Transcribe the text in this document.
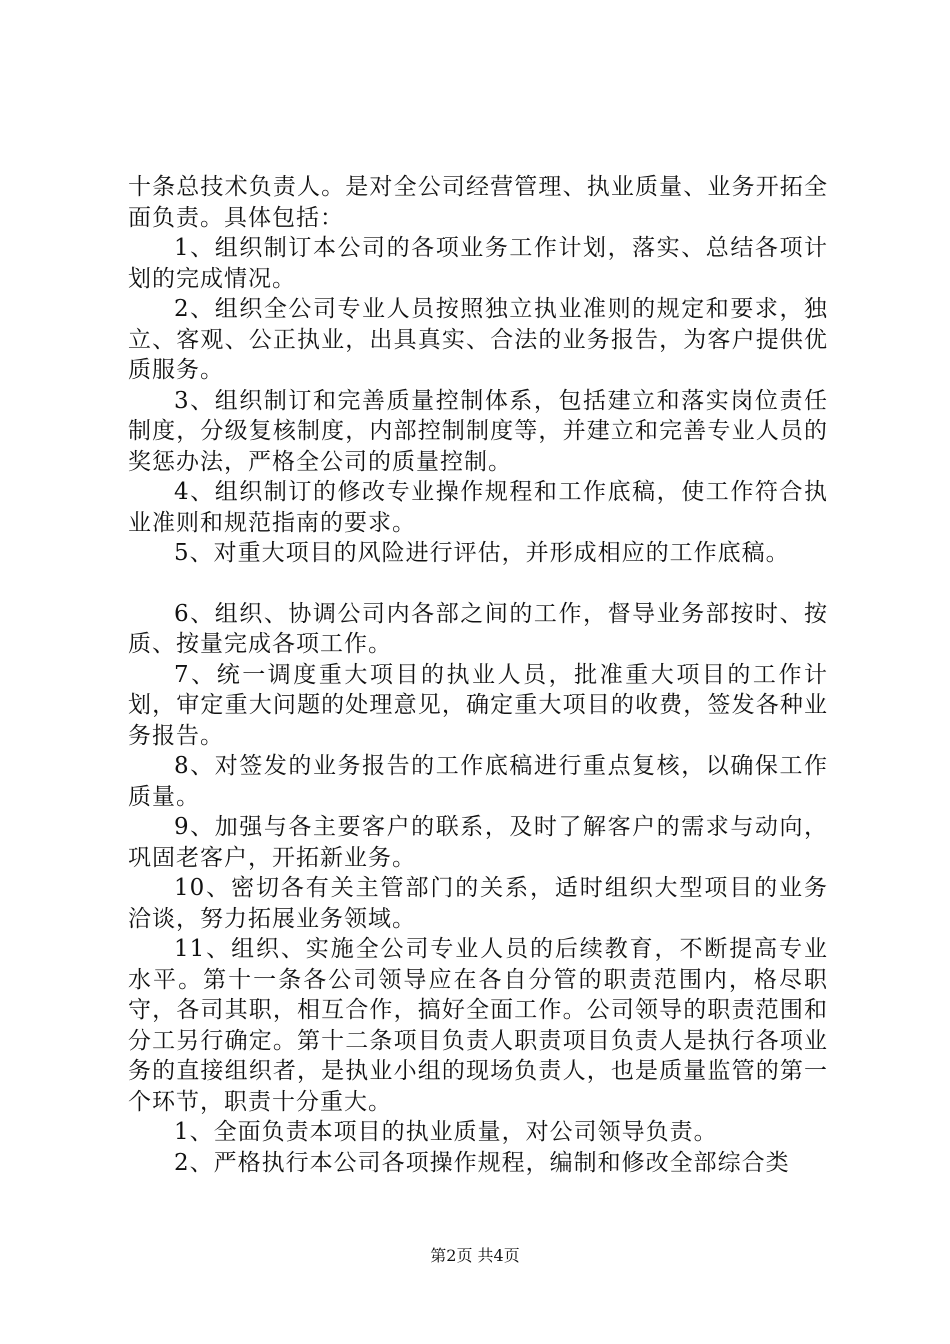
十条总技术负责人。是对全公司经营管理、执业质量、业务开拓全面负责。具体包括：

1、组织制订本公司的各项业务工作计划，落实、总结各项计划的完成情况。

2、组织全公司专业人员按照独立执业准则的规定和要求，独立、客观、公正执业，出具真实、合法的业务报告，为客户提供优质服务。

3、组织制订和完善质量控制体系，包括建立和落实岗位责任制度，分级复核制度，内部控制制度等，并建立和完善专业人员的奖惩办法，严格全公司的质量控制。

4、组织制订的修改专业操作规程和工作底稿，使工作符合执业准则和规范指南的要求。

5、对重大项目的风险进行评估，并形成相应的工作底稿。

6、组织、协调公司内各部之间的工作，督导业务部按时、按质、按量完成各项工作。

7、统一调度重大项目的执业人员，批准重大项目的工作计划，审定重大问题的处理意见，确定重大项目的收费，签发各种业务报告。

8、对签发的业务报告的工作底稿进行重点复核，以确保工作质量。

9、加强与各主要客户的联系，及时了解客户的需求与动向，巩固老客户，开拓新业务。

10、密切各有关主管部门的关系，适时组织大型项目的业务洽谈，努力拓展业务领域。

11、组织、实施全公司专业人员的后续教育，不断提高专业水平。第十一条各公司领导应在各自分管的职责范围内，格尽职守，各司其职，相互合作，搞好全面工作。公司领导的职责范围和分工另行确定。第十二条项目负责人职责项目负责人是执行各项业务的直接组织者，是执业小组的现场负责人，也是质量监管的第一个环节，职责十分重大。

1、全面负责本项目的执业质量，对公司领导负责。

2、严格执行本公司各项操作规程，编制和修改全部综合类

第2页 共4页
